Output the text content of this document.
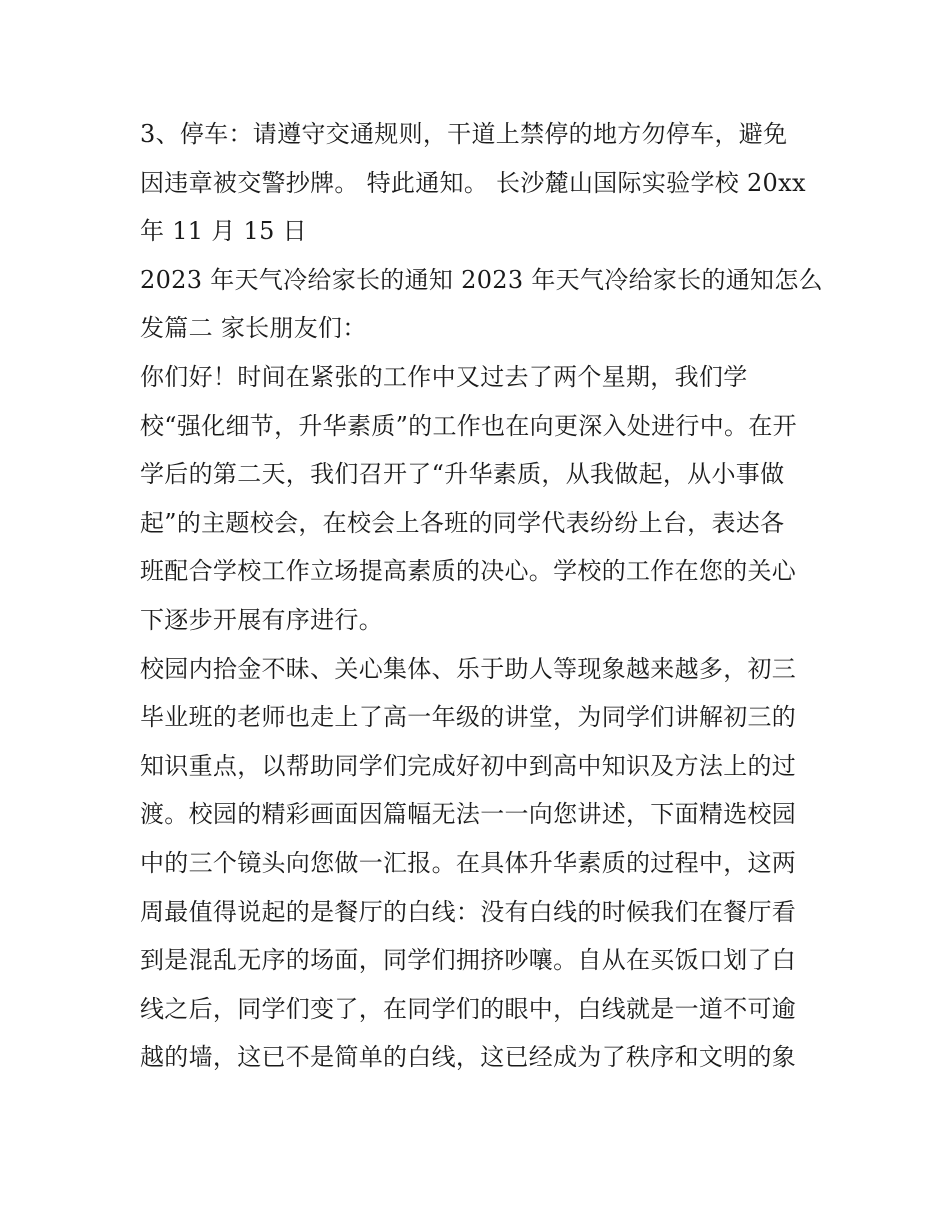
3、停车：请遵守交通规则，干道上禁停的地方勿停车，避免
因违章被交警抄牌。 特此通知。 长沙麓山国际实验学校 20xx
年 11 月 15 日
2023 年天气冷给家长的通知 2023 年天气冷给家长的通知怎么
发篇二 家长朋友们：
你们好！时间在紧张的工作中又过去了两个星期，我们学
校“强化细节，升华素质”的工作也在向更深入处进行中。在开
学后的第二天，我们召开了“升华素质，从我做起，从小事做
起”的主题校会，在校会上各班的同学代表纷纷上台，表达各
班配合学校工作立场提高素质的决心。学校的工作在您的关心
下逐步开展有序进行。
校园内拾金不昧、关心集体、乐于助人等现象越来越多，初三
毕业班的老师也走上了高一年级的讲堂，为同学们讲解初三的
知识重点，以帮助同学们完成好初中到高中知识及方法上的过
渡。校园的精彩画面因篇幅无法一一向您讲述，下面精选校园
中的三个镜头向您做一汇报。在具体升华素质的过程中，这两
周最值得说起的是餐厅的白线：没有白线的时候我们在餐厅看
到是混乱无序的场面，同学们拥挤吵嚷。自从在买饭口划了白
线之后，同学们变了，在同学们的眼中，白线就是一道不可逾
越的墙，这已不是简单的白线，这已经成为了秩序和文明的象
